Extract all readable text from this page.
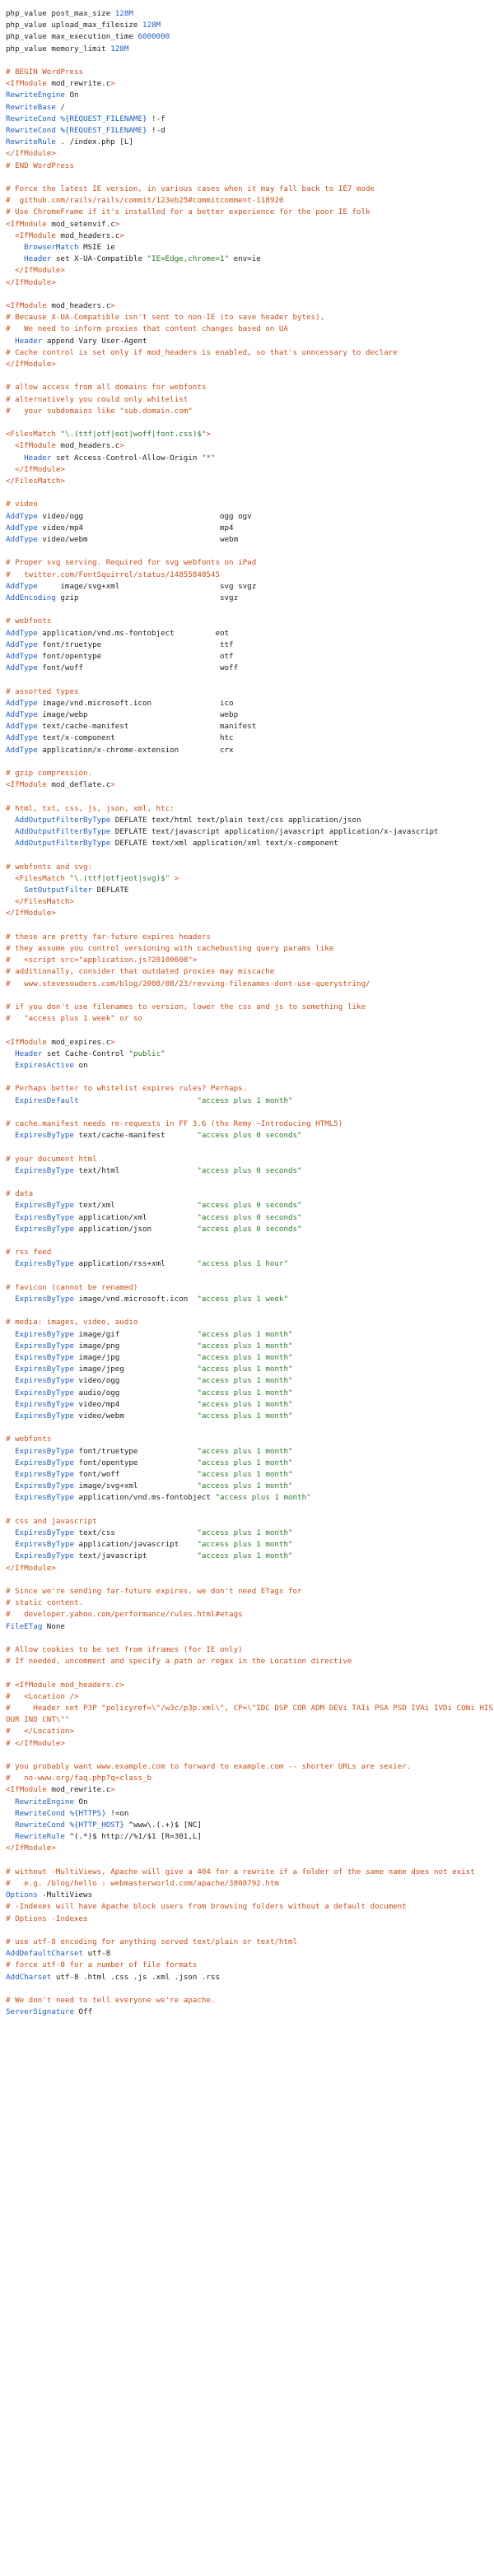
php_value post_max_size 128M
php_value upload_max_filesize 128M
php_value max_execution_time 6000000
php_value memory_limit 128M
# BEGIN WordPress
<IfModule mod_rewrite.c>
RewriteEngine On
RewriteBase /
RewriteCond %{REQUEST_FILENAME} !-f
RewriteCond %{REQUEST_FILENAME} !-d
RewriteRule . /index.php [L]
</IfModule>
# END WordPress
# Force the latest IE version, in various cases when it may fall back to IE7 mode
#  github.com/rails/rails/commit/123eb25#commitcomment-118920
# Use ChromeFrame if it's installed for a better experience for the poor IE folk
<IfModule mod_setenvif.c>
<IfModule mod_headers.c>
BrowserMatch MSIE ie
Header set X-UA-Compatible "IE=Edge,chrome=1" env=ie
</IfModule>
</IfModule>
<IfModule mod_headers.c>
# Because X-UA-Compatible isn't sent to non-IE (to save header bytes),
#   We need to inform proxies that content changes based on UA
Header append Vary User-Agent
# Cache control is set only if mod_headers is enabled, so that's unncessary to declare
</IfModule>
# allow access from all domains for webfonts
# alternatively you could only whitelist
#   your subdomains like "sub.domain.com"
<FilesMatch "\.(ttf|otf|eot|woff|font.css)$">
<IfModule mod_headers.c>
Header set Access-Control-Allow-Origin "*"
</IfModule>
</FilesMatch>
# video
AddType video/ogg                              ogg ogv
AddType video/mp4                              mp4
AddType video/webm                             webm
# Proper svg serving. Required for svg webfonts on iPad
#   twitter.com/FontSquirrel/status/14855840545
AddType     image/svg+xml                      svg svgz
AddEncoding gzip                               svgz
# webfonts
AddType application/vnd.ms-fontobject         eot
AddType font/truetype                          ttf
AddType font/opentype                          otf
AddType font/woff                              woff
# assorted types
AddType image/vnd.microsoft.icon               ico
AddType image/webp                             webp
AddType text/cache-manifest                    manifest
AddType text/x-component                       htc
AddType application/x-chrome-extension         crx
# gzip compression.
<IfModule mod_deflate.c>
# html, txt, css, js, json, xml, htc:
AddOutputFilterByType DEFLATE text/html text/plain text/css application/json
AddOutputFilterByType DEFLATE text/javascript application/javascript application/x-javascript
AddOutputFilterByType DEFLATE text/xml application/xml text/x-component
# webfonts and svg:
<FilesMatch "\.(ttf|otf|eot|svg)$" >
SetOutputFilter DEFLATE
</FilesMatch>
</IfModule>
# these are pretty far-future expires headers
# they assume you control versioning with cachebusting query params like
#   <script src="application.js?20100608">
# additionally, consider that outdated proxies may miscache
#   www.stevesouders.com/blog/2008/08/23/revving-filenames-dont-use-querystring/
# if you don't use filenames to version, lower the css and js to something like
#   "access plus 1 week" or so
<IfModule mod_expires.c>
Header set Cache-Control "public"
ExpiresActive on
# Perhaps better to whitelist expires rules? Perhaps.
ExpiresDefault	"access plus 1 month"
# cache.manifest needs re-requests in FF 3.6 (thx Remy ~Introducing HTML5)
ExpiresByType text/cache-manifest       "access plus 0 seconds"
# your document html
ExpiresByType text/html                 "access plus 0 seconds"
# data
ExpiresByType text/xml                  "access plus 0 seconds"
ExpiresByType application/xml           "access plus 0 seconds"
ExpiresByType application/json          "access plus 0 seconds"
# rss feed
ExpiresByType application/rss+xml       "access plus 1 hour"
# favicon (cannot be renamed)
ExpiresByType image/vnd.microsoft.icon  "access plus 1 week"
# media: images, video, audio
ExpiresByType image/gif                 "access plus 1 month"
ExpiresByType image/png                 "access plus 1 month"
ExpiresByType image/jpg                 "access plus 1 month"
ExpiresByType image/jpeg                "access plus 1 month"
ExpiresByType video/ogg                 "access plus 1 month"
ExpiresByType audio/ogg                 "access plus 1 month"
ExpiresByType video/mp4                 "access plus 1 month"
ExpiresByType video/webm                "access plus 1 month"
# webfonts
ExpiresByType font/truetype             "access plus 1 month"
ExpiresByType font/opentype             "access plus 1 month"
ExpiresByType font/woff                 "access plus 1 month"
ExpiresByType image/svg+xml             "access plus 1 month"
ExpiresByType application/vnd.ms-fontobject "access plus 1 month"
# css and javascript
ExpiresByType text/css                  "access plus 1 month"
ExpiresByType application/javascript    "access plus 1 month"
ExpiresByType text/javascript           "access plus 1 month"
</IfModule>
# Since we're sending far-future expires, we don't need ETags for
# static content.
#   developer.yahoo.com/performance/rules.html#etags
FileETag None
# Allow cookies to be set from iframes (for IE only)
# If needed, uncomment and specify a path or regex in the Location directive
# <IfModule mod_headers.c>
#   <Location />
#     Header set P3P "policyref=\"/w3c/p3p.xml\", CP=\"IDC DSP COR ADM DEVi TAIi PSA PSD IVAi IVDi CONi HIS OUR IND CNT\""
#   </Location>
# </IfModule>
# you probably want www.example.com to forward to example.com -- shorter URLs are sexier.
#   no-www.org/faq.php?q=class_b
<IfModule mod_rewrite.c>
RewriteEngine On
RewriteCond %{HTTPS} !=on
RewriteCond %{HTTP_HOST} ^www\.(.+)$ [NC]
RewriteRule ^(.*)$ http://%1/$1 [R=301,L]
</IfModule>
# without -MultiViews, Apache will give a 404 for a rewrite if a folder of the same name does not exist
#   e.g. /blog/hello : webmasterworld.com/apache/3808792.htm
Options -MultiViews
# -Indexes will have Apache block users from browsing folders without a default document
# Options -Indexes
# use utf-8 encoding for anything served text/plain or text/html
AddDefaultCharset utf-8
# force utf-8 for a number of file formats
AddCharset utf-8 .html .css .js .xml .json .rss
# We don't need to tell everyone we're apache.
ServerSignature Off
